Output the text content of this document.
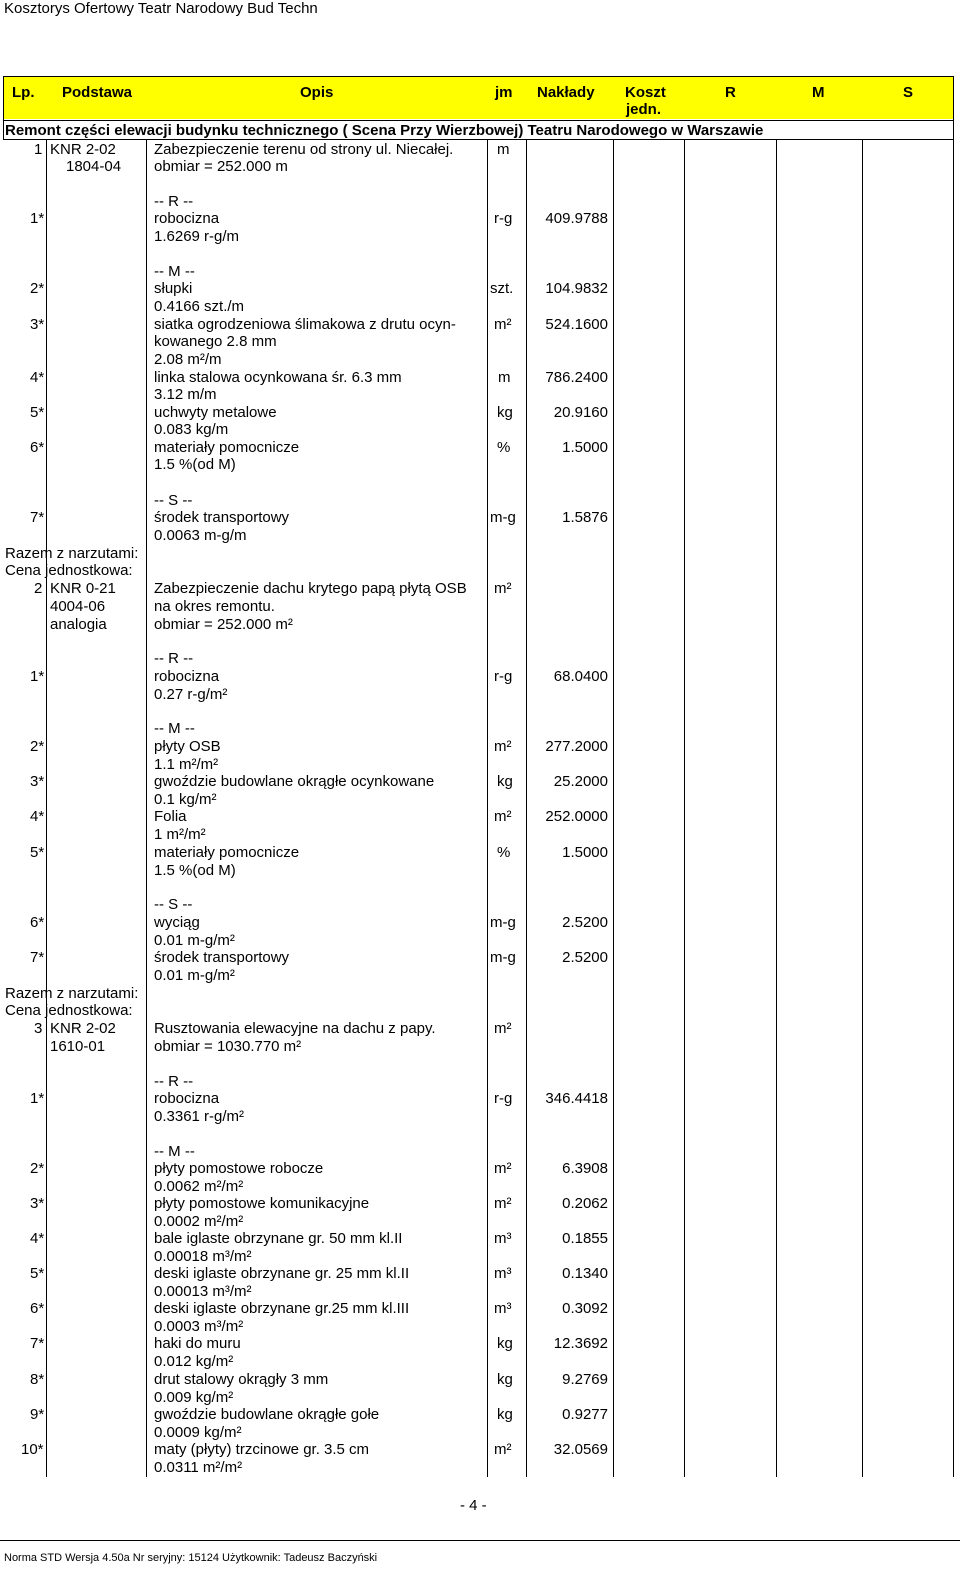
Kosztorys Ofertowy Teatr Narodowy Bud Techn
Lp. Podstawa	Opis	jm Nakłady Koszt
jedn.
R	M	S
Remont części elewacji budynku technicznego ( Scena Przy Wierzbowej) Teatru Narodowego w Warszawie
1 KNR 2-02
1804-04
Zabezpieczenie terenu od strony ul. Niecałej.
obmiar = 252.000 m
m
-- R --
1*	robocizna
1.6269 r-g/m
r-g	409.9788
-- M --
2*	słupki
0.4166 szt./m
szt.	104.9832
3*	siatka ogrodzeniowa ślimakowa z drutu ocyn-
kowanego 2.8 mm
2.08 m²/m
m²	524.1600
4*	linka stalowa ocynkowana śr. 6.3 mm
3.12 m/m
m	786.2400
5*	uchwyty metalowe
0.083 kg/m
kg	20.9160
6*	materiały pomocnicze
1.5 %(od M)
%	1.5000
-- S --
7*	środek transportowy
0.0063 m-g/m
m-g	1.5876
Razem z narzutami:
Cena jednostkowa:
2 KNR 0-21
4004-06
analogia
Zabezpieczenie dachu krytego papą płytą OSB
na okres remontu.
obmiar = 252.000 m²
m²
-- R --
1*	robocizna
0.27 r-g/m²
r-g	68.0400
-- M --
2*	płyty OSB
1.1 m²/m²
m²	277.2000
3*	gwoździe budowlane okrągłe ocynkowane
0.1 kg/m²
kg	25.2000
4*	Folia
1 m²/m²
m²	252.0000
5*	materiały pomocnicze
1.5 %(od M)
%	1.5000
-- S --
6*	wyciąg
0.01 m-g/m²
m-g	2.5200
7*	środek transportowy
0.01 m-g/m²
m-g	2.5200
Razem z narzutami:
Cena jednostkowa:
3 KNR 2-02
1610-01
Rusztowania elewacyjne na dachu z papy.
obmiar = 1030.770 m²
m²
-- R --
1*	robocizna
0.3361 r-g/m²
r-g	346.4418
-- M --
2*	płyty pomostowe robocze
0.0062 m²/m²
m²	6.3908
3*	płyty pomostowe komunikacyjne
0.0002 m²/m²
m²	0.2062
4*	bale iglaste obrzynane gr. 50 mm kl.II
0.00018 m³/m²
m³	0.1855
5*	deski iglaste obrzynane gr. 25 mm kl.II
0.00013 m³/m²
m³	0.1340
6*	deski iglaste obrzynane gr.25 mm kl.III
0.0003 m³/m²
m³	0.3092
7*	haki do muru
0.012 kg/m²
kg	12.3692
8*	drut stalowy okrągły 3 mm
0.009 kg/m²
kg	9.2769
9*	gwoździe budowlane okrągłe gołe
0.0009 kg/m²
kg	0.9277
10*	maty (płyty) trzcinowe gr. 3.5 cm
0.0311 m²/m²
m²	32.0569
- 4 -
Norma STD Wersja 4.50a Nr seryjny: 15124 Użytkownik: Tadeusz Baczyński
